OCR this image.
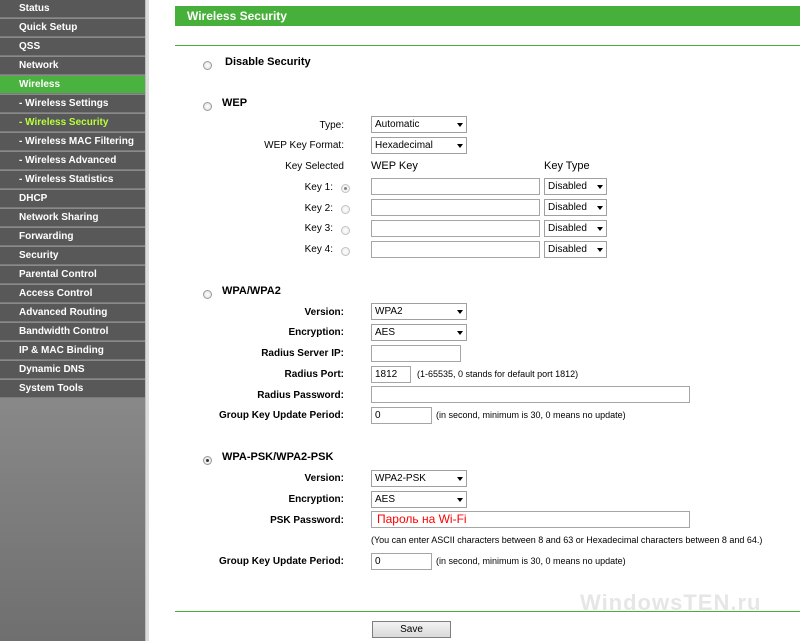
Status
Quick Setup
QSS
Network
Wireless
- Wireless Settings
- Wireless Security
- Wireless MAC Filtering
- Wireless Advanced
- Wireless Statistics
DHCP
Network Sharing
Forwarding
Security
Parental Control
Access Control
Advanced Routing
Bandwidth Control
IP & MAC Binding
Dynamic DNS
System Tools
Wireless Security
Disable Security
WEP
Type:	Automatic
WEP Key Format:	Hexadecimal
Key Selected WEP Key	Key Type
Key 1:	Disabled
Key 2:	Disabled
Key 3:	Disabled
Key 4:	Disabled
WPA/WPA2
Version:	WPA2
Encryption:	AES
Radius Server IP:
Radius Port:	1812	(1-65535, 0 stands for default port 1812)
Radius Password:
Group Key Update Period:	0	(in second, minimum is 30, 0 means no update)
WPA-PSK/WPA2-PSK
Version:	WPA2-PSK
Encryption:	AES
PSK Password:	Пароль на Wi-Fi
(You can enter ASCII characters between 8 and 63 or Hexadecimal characters between 8 and 64.)
Group Key Update Period:	0	(in second, minimum is 30, 0 means no update)
WindowsTEN.ru
Save
